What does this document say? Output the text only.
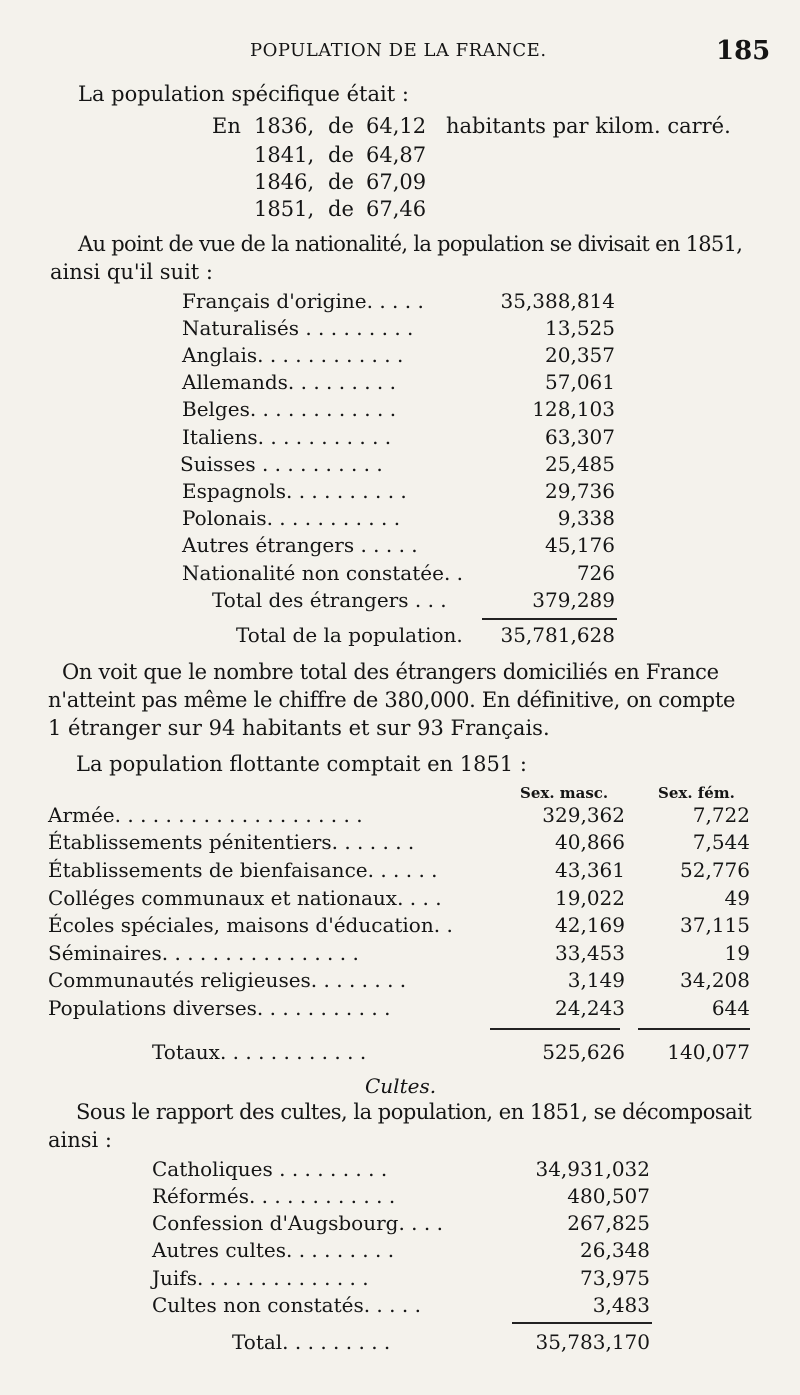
POPULATION DE LA FRANCE.	185
La population spécifique était :
En 1836, de 64,12 habitants par kilom. carré.
1841, de 64,87
1846, de 67,09
1851, de 67,46
Au point de vue de la nationalité, la population se divisait en 1851,
ainsi qu'il suit :
Français d'origine. . . . .	35,388,814
Naturalisés . . . . . . . . .	13,525
Anglais. . . . . . . . . . . .	20,357
Allemands. . . . . . . . .	57,061
Belges. . . . . . . . . . . .	128,103
Italiens. . . . . . . . . . .	63,307
Suisses . . . . . . . . . .	25,485
Espagnols. . . . . . . . . .	29,736
Polonais. . . . . . . . . . .	9,338
Autres étrangers . . . . .	45,176
Nationalité non constatée. .	726
Total des étrangers . . .	379,289
Total de la population. 35,781,628
On voit que le nombre total des étrangers domiciliés en France
n'atteint pas même le chiffre de 380,000. En définitive, on compte
1 étranger sur 94 habitants et sur 93 Français.
La population flottante comptait en 1851 :
Sex. masc.	Sex. fém.
Armée. . . . . . . . . . . . . . . . . . . .	329,362	7,722
Établissements pénitentiers. . . . . . .	40,866	7,544
Établissements de bienfaisance. . . . . .	43,361	52,776
Colléges communaux et nationaux. . . .	19,022	49
Écoles spéciales, maisons d'éducation. .	42,169	37,115
Séminaires. . . . . . . . . . . . . . . .	33,453	19
Communautés religieuses. . . . . . . .	3,149	34,208
Populations diverses. . . . . . . . . . .	24,243	644
Totaux. . . . . . . . . . . .	525,626 140,077
Cultes.
Sous le rapport des cultes, la population, en 1851, se décomposait
ainsi :
Catholiques . . . . . . . . .	34,931,032
Réformés. . . . . . . . . . . .	480,507
Confession d'Augsbourg. . . .	267,825
Autres cultes. . . . . . . . .	26,348
Juifs. . . . . . . . . . . . . .	73,975
Cultes non constatés. . . . .	3,483
Total. . . . . . . . .	35,783,170
